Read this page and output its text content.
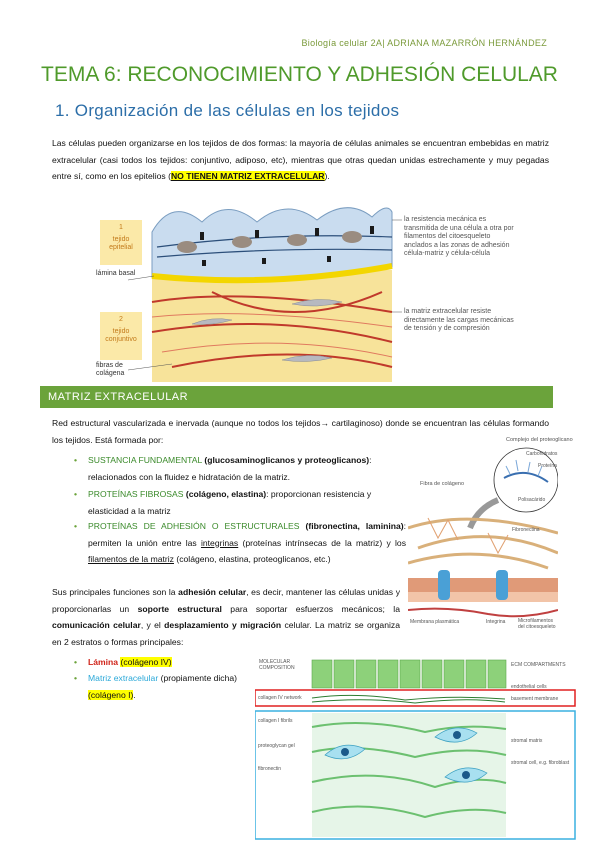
Biología celular 2A| ADRIANA MAZARRÓN HERNÁNDEZ
TEMA 6: RECONOCIMIENTO Y ADHESIÓN CELULAR
1. Organización de las células en los tejidos
Las células pueden organizarse en los tejidos de dos formas: la mayoría de células animales se encuentran embebidas en matriz extracelular (casi todos los tejidos: conjuntivo, adiposo, etc), mientras que otras quedan unidas estrechamente y muy pegadas entre sí, como en los epitelios (NO TIENEN MATRIZ EXTRACELULAR).
1
tejido epitelial
2
tejido conjuntivo
lámina basal
fibras de colágena
la resistencia mecánica es transmitida de una célula a otra por filamentos del citoesqueleto anclados a las zonas de adhesión célula-matriz y célula-célula
la matriz extracelular resiste directamente las cargas mecánicas de tensión y de compresión
MATRIZ EXTRACELULAR
Red estructural vascularizada e inervada (aunque no todos los tejidos→ cartilaginoso) donde se encuentran las células formando los tejidos. Está formada por:
• SUSTANCIA FUNDAMENTAL (glucosaminoglicanos y proteoglicanos): relacionados con la fluidez e hidratación de la matriz.
• PROTEÍNAS FIBROSAS (colágeno, elastina): proporcionan resistencia y elasticidad a la matriz
• PROTEÍNAS DE ADHESIÓN O ESTRUCTURALES (fibronectina, laminina): permiten la unión entre las integrinas (proteínas intrínsecas de la matriz) y los filamentos de la matriz (colágeno, elastina, proteoglicanos, etc.)
Sus principales funciones son la adhesión celular, es decir, mantener las células unidas y proporcionarlas un soporte estructural para soportar esfuerzos mecánicos; la comunicación celular, y el desplazamiento y migración celular. La matriz se organiza en 2 estratos o formas principales:
• Lámina (colágeno IV)
• Matriz extracelular (propiamente dicha) (colágeno I).
Complejo del proteoglicano
Carbohidratos
Proteína
Polisacárido
Fibra de colágeno
Fibronectina
Membrana plasmática	Integrina	Microfilamentos del citoesqueleto
MOLECULAR COMPOSITION	ECM COMPARTMENTS
endothelial cells
collagen IV network	basement membrane
collagen I fibrils
proteoglycan gel
stromal matrix
fibronectin
stromal cell, e.g. fibroblast
